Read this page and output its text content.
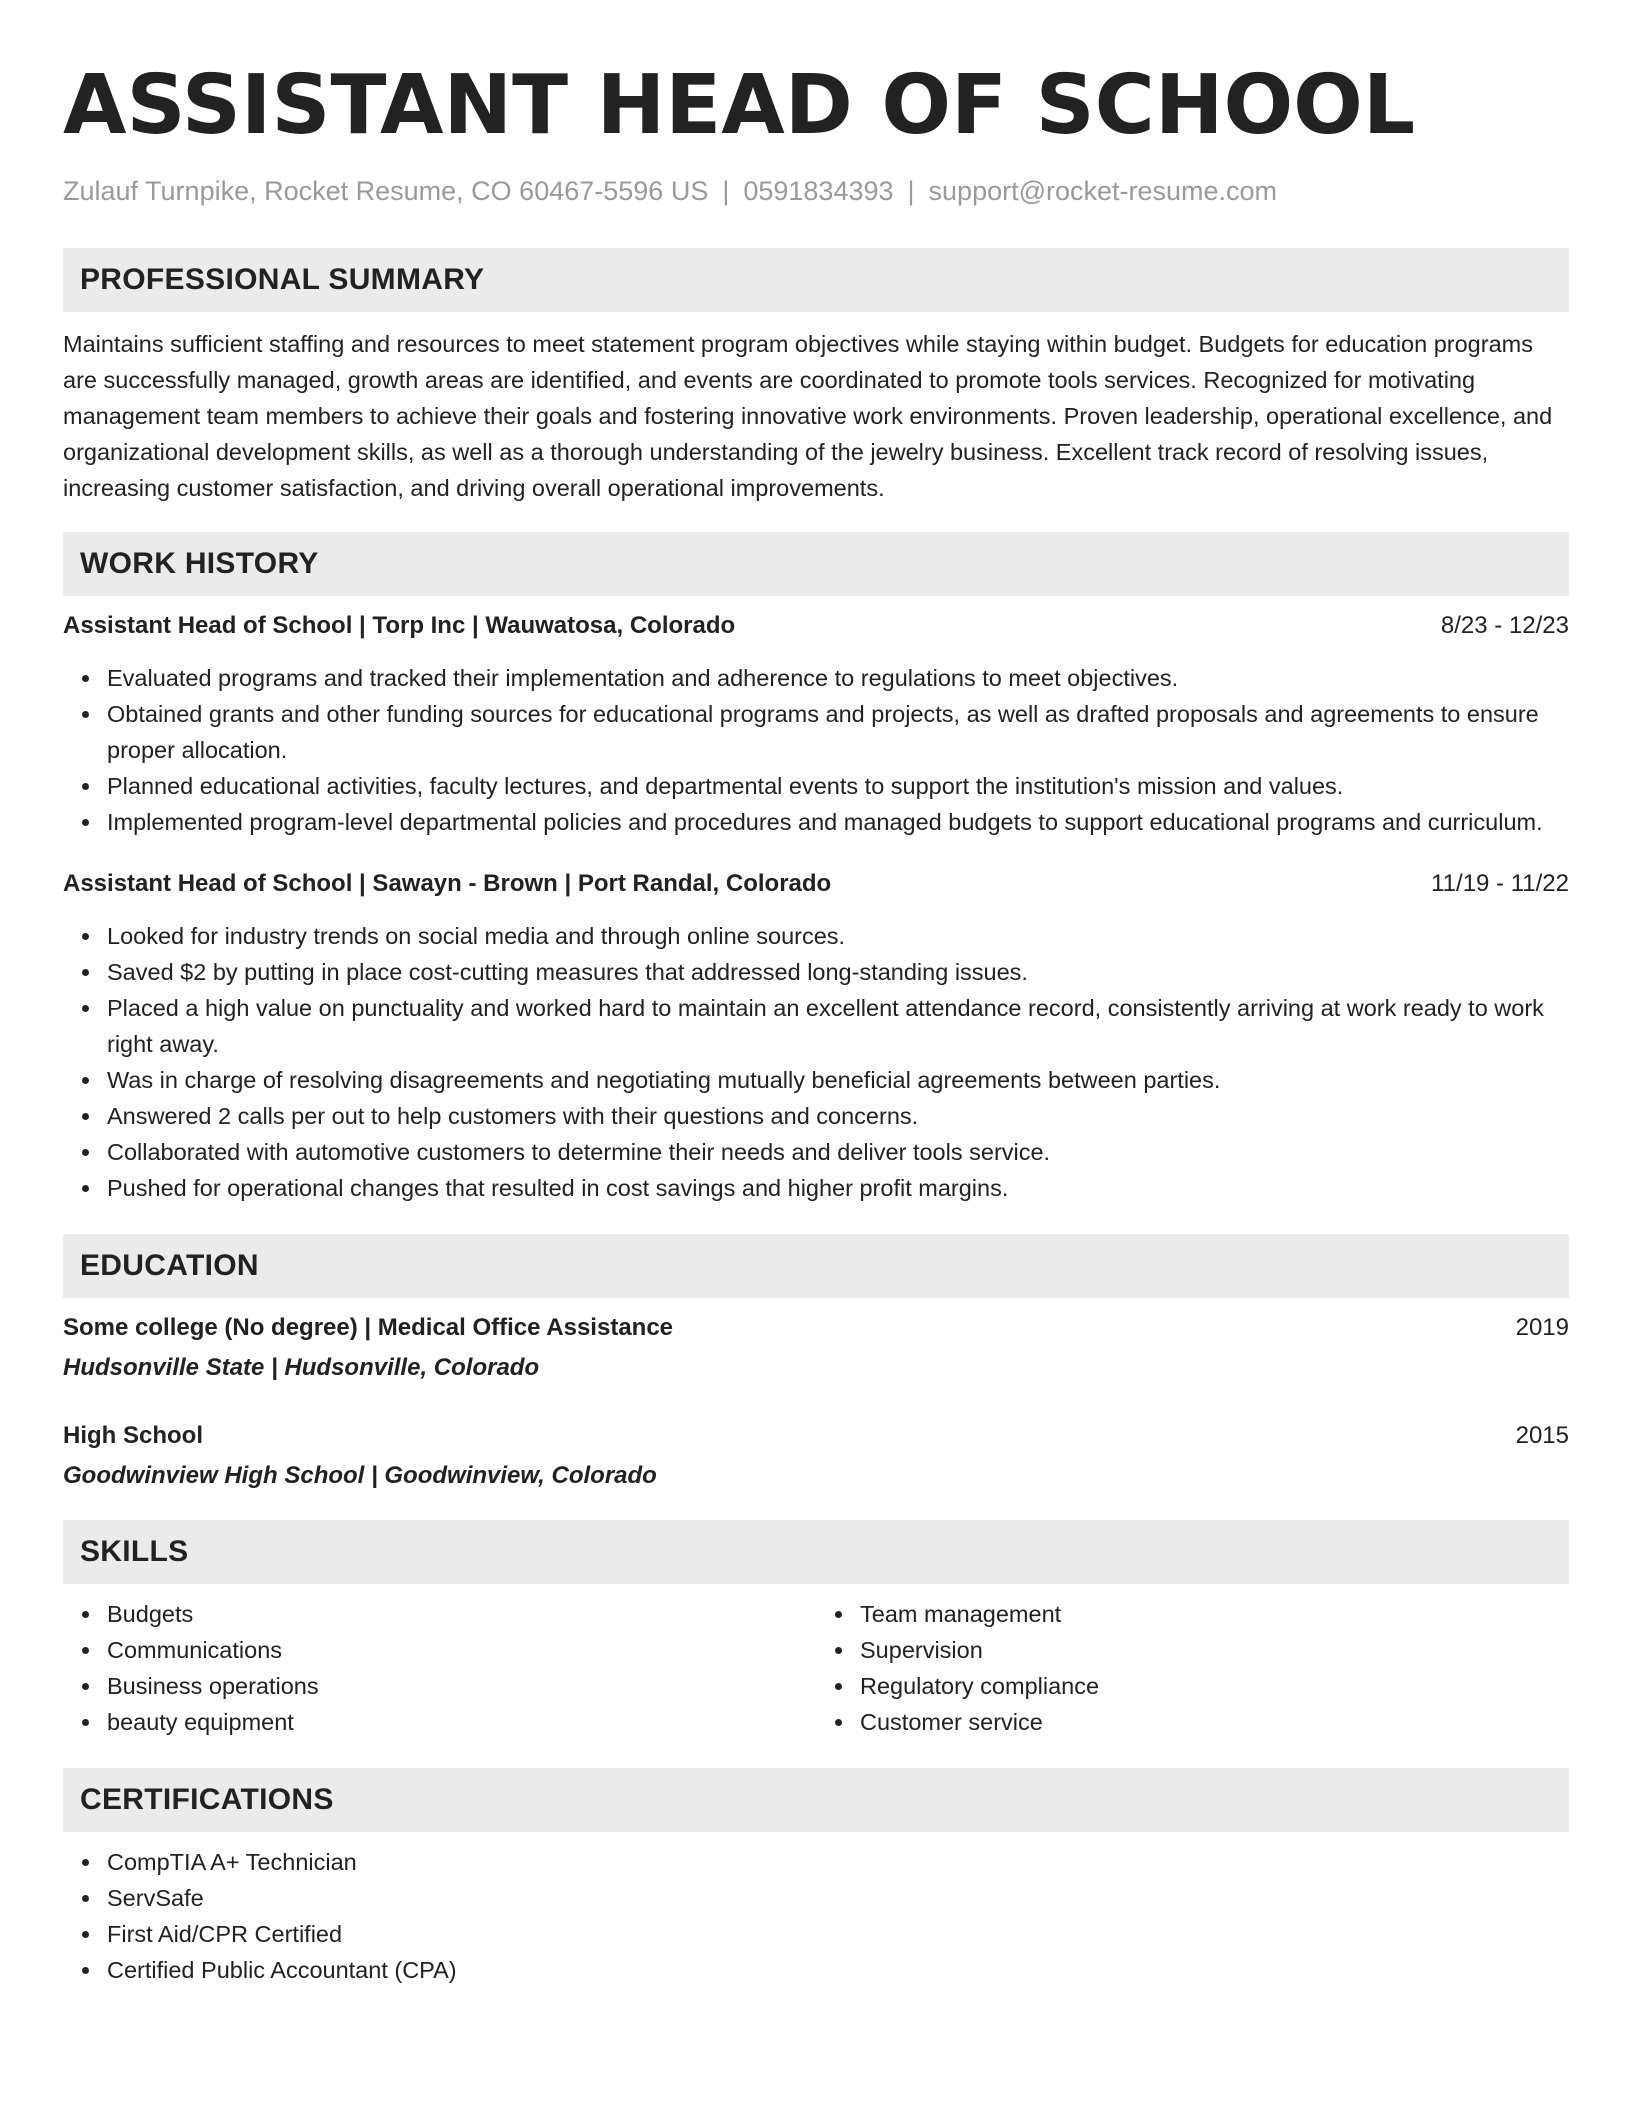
ASSISTANT HEAD OF SCHOOL
Zulauf Turnpike, Rocket Resume, CO 60467-5596 US | 0591834393 | support@rocket-resume.com
PROFESSIONAL SUMMARY

Maintains sufficient staffing and resources to meet statement program objectives while staying within budget. Budgets for education programs are successfully managed, growth areas are identified, and events are coordinated to promote tools services. Recognized for motivating management team members to achieve their goals and fostering innovative work environments. Proven leadership, operational excellence, and organizational development skills, as well as a thorough understanding of the jewelry business. Excellent track record of resolving issues, increasing customer satisfaction, and driving overall operational improvements.

WORK HISTORY
Assistant Head of School | Torp Inc | Wauwatosa, Colorado	8/23 - 12/23
Evaluated programs and tracked their implementation and adherence to regulations to meet objectives.
Obtained grants and other funding sources for educational programs and projects, as well as drafted proposals and agreements to ensure proper allocation.
Planned educational activities, faculty lectures, and departmental events to support the institution's mission and values.
Implemented program-level departmental policies and procedures and managed budgets to support educational programs and curriculum.
Assistant Head of School | Sawayn - Brown | Port Randal, Colorado	11/19 - 11/22
Looked for industry trends on social media and through online sources.
Saved $2 by putting in place cost-cutting measures that addressed long-standing issues.
Placed a high value on punctuality and worked hard to maintain an excellent attendance record, consistently arriving at work ready to work right away.
Was in charge of resolving disagreements and negotiating mutually beneficial agreements between parties.
Answered 2 calls per out to help customers with their questions and concerns.
Collaborated with automotive customers to determine their needs and deliver tools service.
Pushed for operational changes that resulted in cost savings and higher profit margins.
EDUCATION
Some college (No degree) | Medical Office Assistance	2019
Hudsonville State | Hudsonville, Colorado
High School	2015
Goodwinview High School | Goodwinview, Colorado
SKILLS
Budgets
Communications
Business operations
beauty equipment
Team management
Supervision
Regulatory compliance
Customer service
CERTIFICATIONS
CompTIA A+ Technician
ServSafe
First Aid/CPR Certified
Certified Public Accountant (CPA)
